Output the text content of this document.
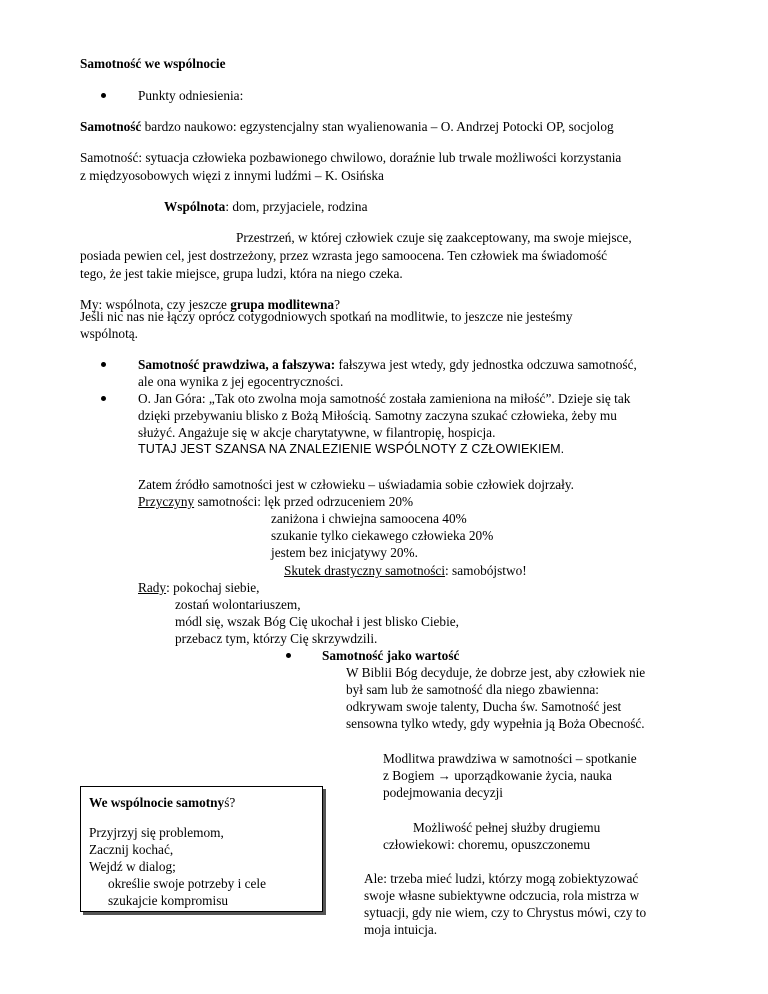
Samotność we wspólnocie
Punkty odniesienia:
Samotność bardzo naukowo: egzystencjalny stan wyalienowania – O. Andrzej Potocki OP, socjolog
Samotność: sytuacja człowieka pozbawionego chwilowo, doraźnie lub trwale możliwości korzystania
z międzyosobowych więzi z innymi ludźmi – K. Osińska
Wspólnota: dom, przyjaciele, rodzina
Przestrzeń, w której człowiek czuje się zaakceptowany, ma swoje miejsce,
posiada pewien cel, jest dostrzeżony, przez wzrasta jego samoocena. Ten człowiek ma świadomość
tego, że jest takie miejsce, grupa ludzi, która na niego czeka.
My: wspólnota, czy jeszcze grupa modlitewna?
Jeśli nic nas nie łączy oprócz cotygodniowych spotkań na modlitwie, to jeszcze nie jesteśmy
wspólnotą.
Samotność prawdziwa, a fałszywa: fałszywa jest wtedy, gdy jednostka odczuwa samotność,
ale ona wynika z jej egocentryczności.
O. Jan Góra: „Tak oto zwolna moja samotność została zamieniona na miłość”. Dzieje się tak
dzięki przebywaniu blisko z Bożą Miłością. Samotny zaczyna szukać człowieka, żeby mu
służyć. Angażuje się w akcje charytatywne, w filantropię, hospicja.
TUTAJ JEST SZANSA NA ZNALEZIENIE WSPÓLNOTY Z CZŁOWIEKIEM.
Zatem źródło samotności jest w człowieku – uświadamia sobie człowiek dojrzały.
Przyczyny samotności: lęk przed odrzuceniem 20%
zaniżona i chwiejna samoocena 40%
szukanie tylko ciekawego człowieka 20%
jestem bez inicjatywy 20%.
Skutek drastyczny samotności: samobójstwo!
Rady: pokochaj siebie,
zostań wolontariuszem,
módl się, wszak Bóg Cię ukochał i jest blisko Ciebie,
przebacz tym, którzy Cię skrzywdzili.
Samotność jako wartość
W Biblii Bóg decyduje, że dobrze jest, aby człowiek nie
był sam lub że samotność dla niego zbawienna:
odkrywam swoje talenty, Ducha św. Samotność jest
sensowna tylko wtedy, gdy wypełnia ją Boża Obecność.
Modlitwa prawdziwa w samotności – spotkanie
z Bogiem → uporządkowanie życia, nauka
podejmowania decyzji
Możliwość pełnej służby drugiemu
człowiekowi: choremu, opuszczonemu
Ale: trzeba mieć ludzi, którzy mogą zobiektyzować
swoje własne subiektywne odczucia, rola mistrza w
sytuacji, gdy nie wiem, czy to Chrystus mówi, czy to
moja intuicja.
We wspólnocie samotnyś?
Przyjrzyj się problemom,
Zacznij kochać,
Wejdź w dialog;
określie swoje potrzeby i cele
szukajcie kompromisu
